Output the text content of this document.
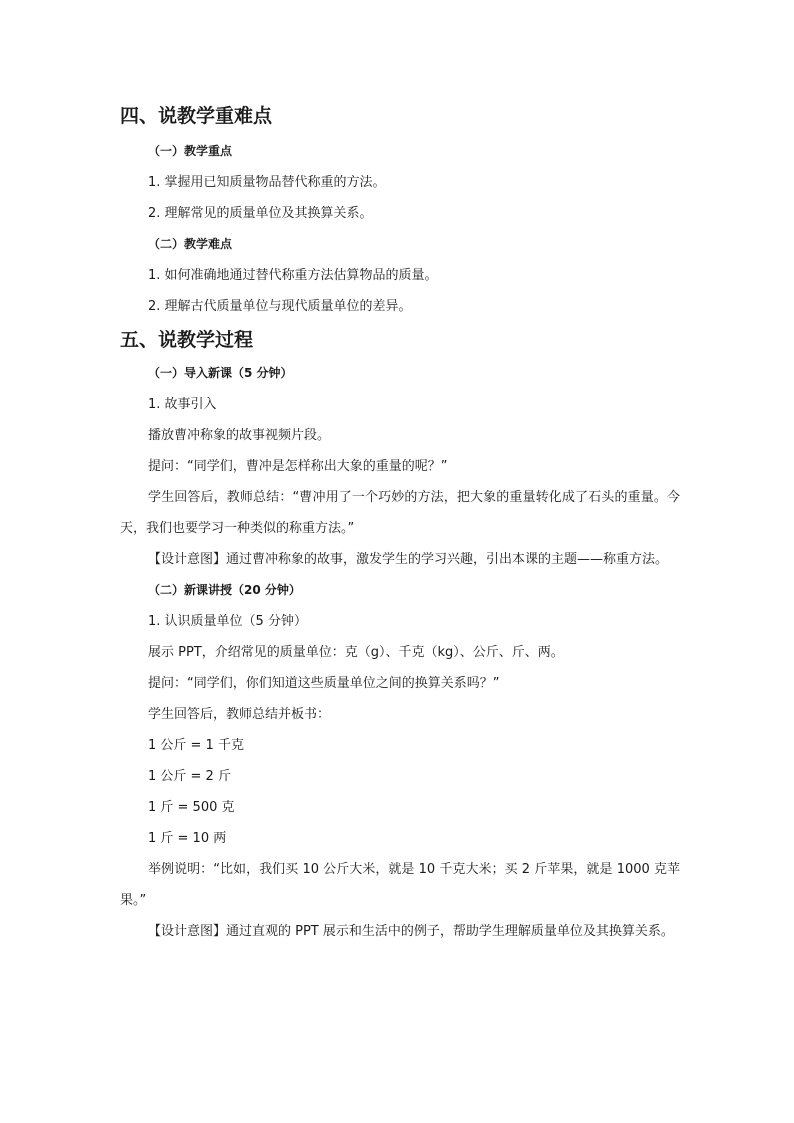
四、说教学重难点
（一）教学重点
1. 掌握用已知质量物品替代称重的方法。
2. 理解常见的质量单位及其换算关系。
（二）教学难点
1. 如何准确地通过替代称重方法估算物品的质量。
2. 理解古代质量单位与现代质量单位的差异。
五、说教学过程
（一）导入新课（5 分钟）
1. 故事引入
播放曹冲称象的故事视频片段。
提问：“同学们，曹冲是怎样称出大象的重量的呢？”

学生回答后，教师总结：“曹冲用了一个巧妙的方法，把大象的重量转化成了石头的重量。今天，我们也要学习一种类似的称重方法。”

【设计意图】通过曹冲称象的故事，激发学生的学习兴趣，引出本课的主题——称重方法。

（二）新课讲授（20 分钟）
1. 认识质量单位（5 分钟）
展示 PPT，介绍常见的质量单位：克（g）、千克（kg）、公斤、斤、两。
提问：“同学们，你们知道这些质量单位之间的换算关系吗？”
学生回答后，教师总结并板书：
1 公斤 = 1 千克
1 公斤 = 2 斤
1 斤 = 500 克
1 斤 = 10 两

举例说明：“比如，我们买 10 公斤大米，就是 10 千克大米；买 2 斤苹果，就是 1000 克苹果。”

【设计意图】通过直观的 PPT 展示和生活中的例子，帮助学生理解质量单位及其换算关系。
